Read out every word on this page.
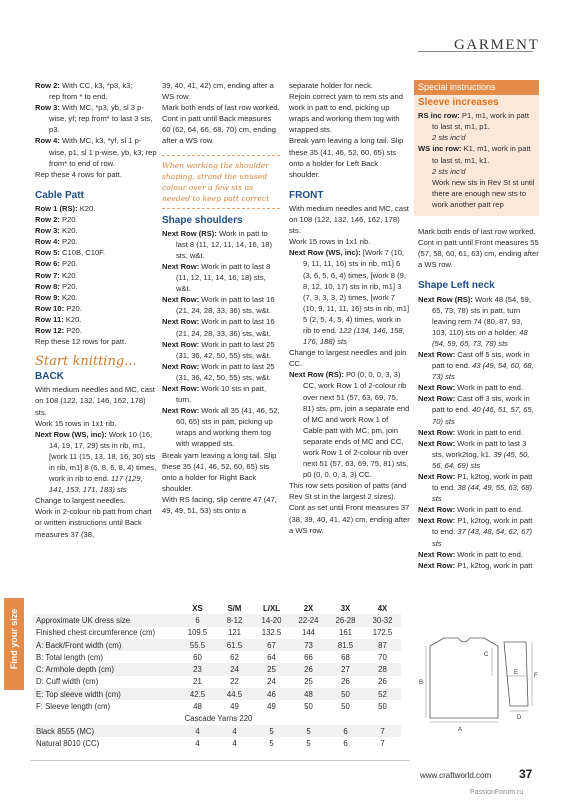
GARMENT

Row 2: With CC, k3, *p3, k3;

rep from * to end.

Row 3: With MC, *p3, yb, sl 3 p-wise, yf; rep from* to last 3 sts, p3.

Row 4: With MC, k3, *yf, sl 1 p-wise, p1, sl 1 p-wise, yb, k3; rep from* to end of row.

Rep these 4 rows for patt.

Cable Patt

Row 1 (RS): K20.

Row 2: P20.

Row 3: K20.

Row 4: P20.

Row 5: C10B, C10F.

Row 6: P20.

Row 7: K20.

Row 8: P20.

Row 9: K20.

Row 10: P20.

Row 11: K20.

Row 12: P20.

Rep these 12 rows for patt.

Start knitting...
BACK

With medium needles and MC, cast on 108 (122, 132, 146, 162, 178) sts.

Work 15 rows in 1x1 rib.

Next Row (WS, inc): Work 10 (16, 14, 19, 17, 29) sts in rib, m1, [work 11 (15, 13, 18, 16, 30) sts in rib, m1] 8 (6, 8, 6, 8, 4) times, work in rib to end. 117 (129, 141, 153, 171, 183) sts

Change to largest needles.

Work in 2-colour rib patt from chart or written instructions until Back measures 37 (38,

39, 40, 41, 42) cm, ending after a WS row.

Mark both ends of last row worked.

Cont in patt until Back measures 60 (62, 64, 66, 68, 70) cm, ending after a WS row.

When working the shoulder shaping, strand the unused colour over a few sts as needed to keep patt correct
Shape shoulders

Next Row (RS): Work in patt to last 8 (11, 12, 11, 14, 16, 18) sts, w&t.

Next Row: Work in patt to last 8 (11, 12, 11, 14, 16, 18) sts, w&t.

Next Row: Work in patt to last 16 (21, 24, 28, 33, 36) sts, w&t.

Next Row: Work in patt to last 16 (21, 24, 28, 33, 36) sts, w&t.

Next Row: Work in patt to last 25 (31, 36, 42, 50, 55) sts, w&t.

Next Row: Work in patt to last 25 (31, 36, 42, 50, 55) sts, w&t.

Next Row: Work 10 sts in patt, turn.

Next Row: Work all 35 (41, 46, 52, 60, 65) sts in patt, picking up wraps and working them tog with wrapped sts.

Break yarn leaving a long tail. Slip these 35 (41, 46, 52, 60, 65) sts onto a holder for Right Back shoulder.

With RS facing, slip centre 47 (47, 49, 49, 51, 53) sts onto a

separate holder for neck.

Rejoin correct yarn to rem sts and work in patt to end, picking up wraps and working them tog with wrapped sts.

Break yarn leaving a long tail. Slip these 35 (41, 46, 52, 60, 65) sts onto a holder for Left Back shoulder.

FRONT

With medium needles and MC, cast on 108 (122, 132, 146, 162, 178) sts.

Work 15 rows in 1x1 rib.

Next Row (WS, inc): [Work 7 (10, 9, 11, 11, 16) sts in rib, m1] 6 (3, 6, 5, 6, 4) times, [work 8 (9, 8, 12, 10, 17) sts in rib, m1] 3 (7, 3, 3, 3, 2) times, [work 7 (10, 9, 11, 11, 16) sts in rib, m1] 5 (2, 5, 4, 5, 4) times, work in rib to end. 122 (134, 146, 158, 176, 188) sts

Change to largest needles and join CC.

Next Row (RS): P0 (0, 0, 0, 3, 3) CC, work Row 1 of 2-colour rib over next 51 (57, 63, 69, 75, 81) sts, pm, join a separate end of MC and work Row 1 of Cable patt with MC, pm, join separate ends of MC and CC, work Row 1 of 2-colour rib over next 51 (57, 63, 69, 75, 81) sts, p0 (0, 0, 0, 3, 3) CC.

This row sets position of patts (and Rev St st in the largest 2 sizes).

Cont as set until Front measures 37 (38, 39, 40, 41, 42) cm, ending after a WS row.

Special instructions
Sleeve increases

RS inc row: P1, m1, work in patt to last st, m1, p1.

2 sts inc'd

WS inc row: K1, m1, work in patt to last st, m1, k1.

2 sts inc'd

Work new sts in Rev St st until there are enough new sts to work another patt rep

Mark both ends of last row worked.

Cont in patt until Front measures 55 (57, 58, 60, 61, 63) cm, ending after a WS row.

Shape Left neck

Next Row (RS): Work 48 (54, 59, 65, 73, 78) sts in patt, turn leaving rem 74 (80, 87, 93, 103, 110) sts on a holder. 48 (54, 59, 65, 73, 78) sts

Next Row: Cast off 5 sts, work in patt to end. 43 (49, 54, 60, 68, 73) sts

Next Row: Work in patt to end.

Next Row: Cast off 3 sts, work in patt to end. 40 (46, 51, 57, 65, 70) sts

Next Row: Work in patt to end.

Next Row: Work in patt to last 3 sts, work2tog, k1. 39 (45, 50, 56, 64, 69) sts

Next Row: P1, k2tog, work in patt to end. 38 (44, 49, 55, 63, 68) sts

Next Row: Work in patt to end.

Next Row: P1, k2tog, work in patt to end. 37 (43, 48, 54, 62, 67) sts

Next Row: Work in patt to end.

Next Row: P1, k2tog, work in patt

Find your size
	XS	S/M	L/XL	2X	3X	4X
Approximate UK dress size	6	8-12	14-20	22-24	26-28	30-32
Finished chest circumference (cm)	109.5	121	132.5	144	161	172.5
A: Back/Front width (cm)	55.5	61.5	67	73	81.5	87
B: Total length (cm)	60	62	64	66	68	70
C: Armhole depth (cm)	23	24	25	26	27	28
D: Cuff width (cm)	21	22	24	25	26	26
E: Top sleeve width (cm)	42.5	44.5	46	48	50	52
F: Sleeve length (cm)	48	49	49	50	50	50
Cascade Yarns 220						
Black 8555 (MC)	4	4	5	5	6	7
Natural 8010 (CC)	4	4	5	5	6	7
A
B
C
D
E	F
www.craftworld.com 37
PassionForum.ru
